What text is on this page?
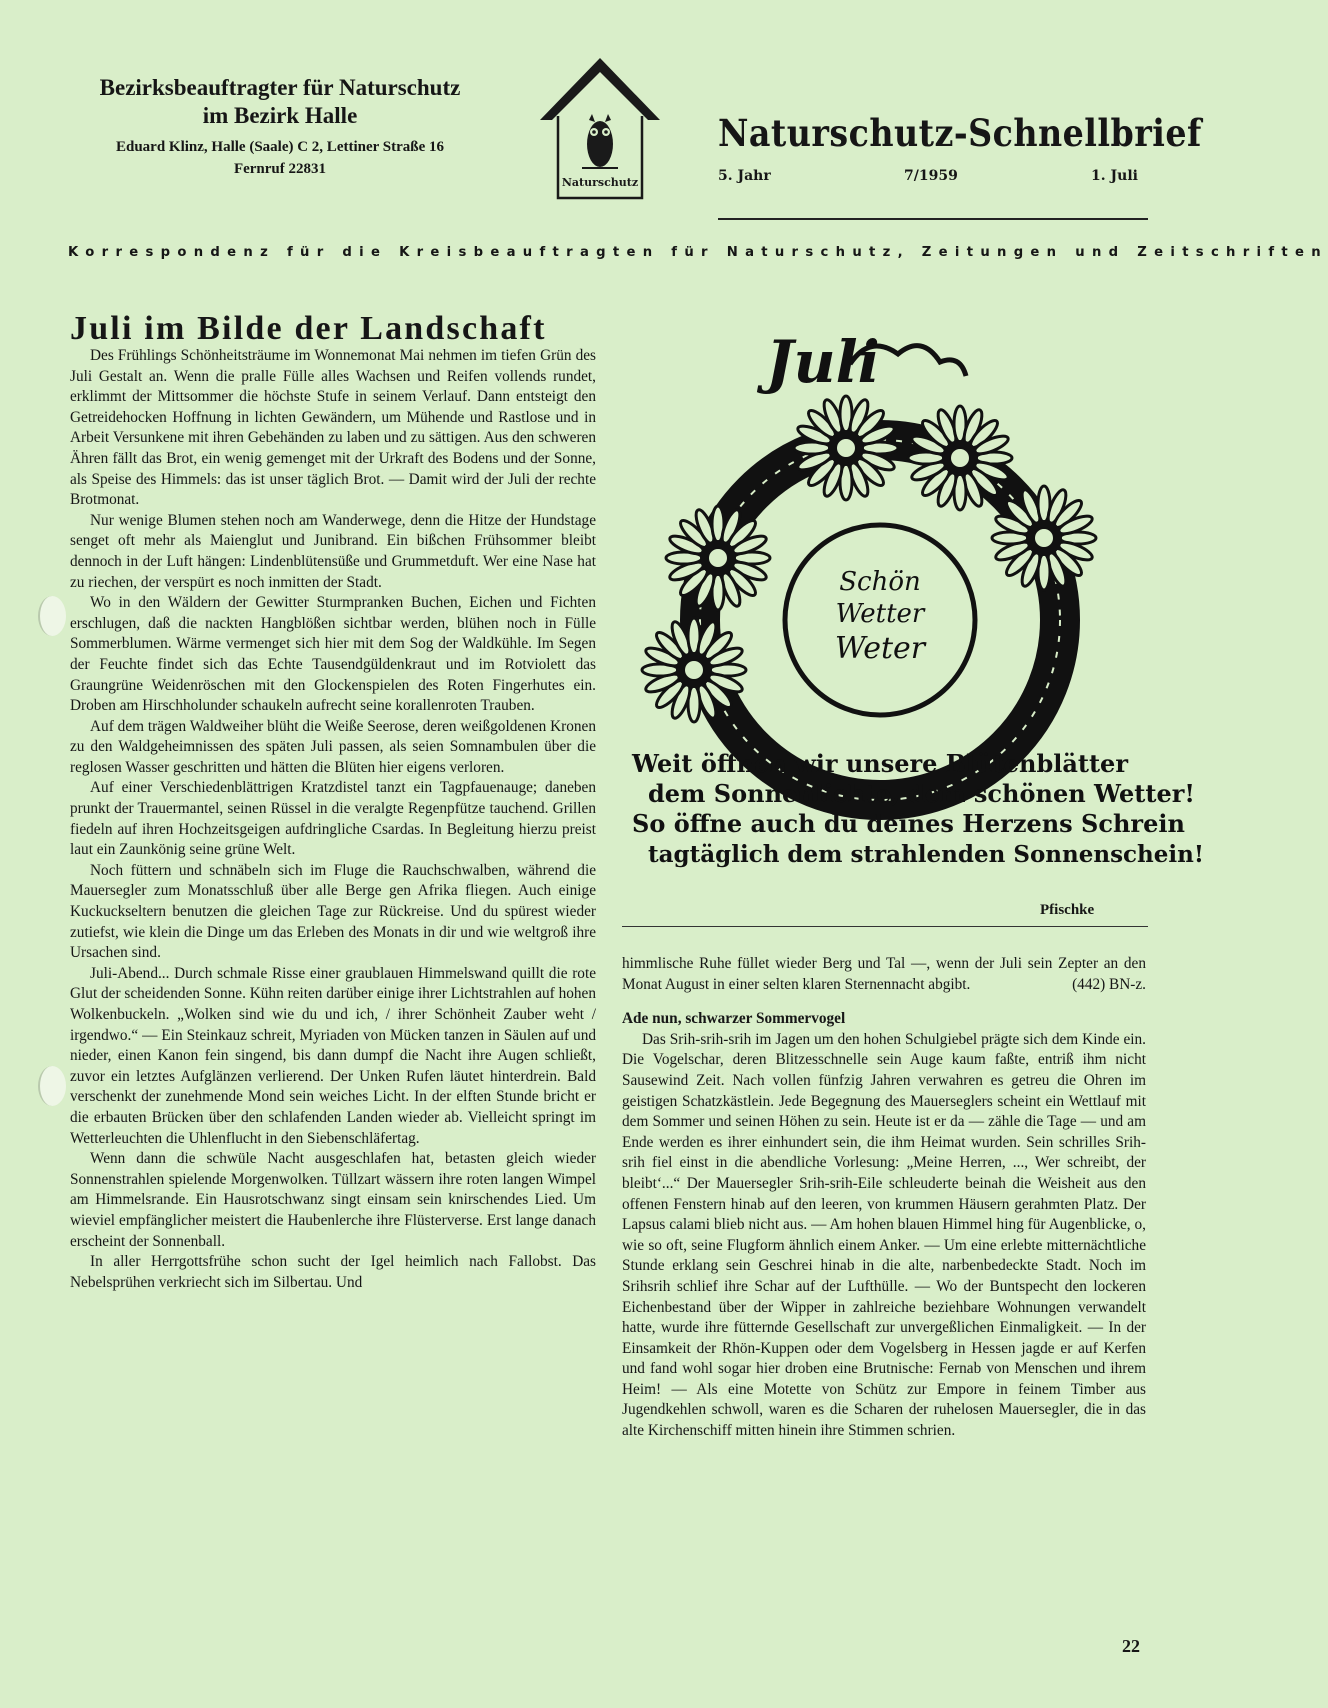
Bezirksbeauftragter für Naturschutz
im Bezirk Halle
Eduard Klinz, Halle (Saale) C 2, Lettiner Straße 16
Fernruf 22831
Naturschutz
Naturschutz-Schnellbrief
5. Jahr	7/1959	1. Juli
Korrespondenz für die Kreisbeauftragten für Naturschutz, Zeitungen und Zeitschriften
Juli im Bilde der Landschaft

Des Frühlings Schönheitsträume im Wonnemonat Mai nehmen im tiefen Grün des Juli Gestalt an. Wenn die pralle Fülle alles Wachsen und Reifen vollends rundet, erklimmt der Mittsommer die höchste Stufe in seinem Verlauf. Dann entsteigt den Getreidehocken Hoffnung in lichten Gewändern, um Mühende und Rastlose und in Arbeit Versunkene mit ihren Gebehänden zu laben und zu sättigen. Aus den schweren Ähren fällt das Brot, ein wenig gemenget mit der Urkraft des Bodens und der Sonne, als Speise des Himmels: das ist unser täglich Brot. — Damit wird der Juli der rechte Brotmonat.

Nur wenige Blumen stehen noch am Wanderwege, denn die Hitze der Hundstage senget oft mehr als Maienglut und Junibrand. Ein bißchen Frühsommer bleibt dennoch in der Luft hängen: Lindenblütensüße und Grummetduft. Wer eine Nase hat zu riechen, der verspürt es noch inmitten der Stadt.

Wo in den Wäldern der Gewitter Sturmpranken Buchen, Eichen und Fichten erschlugen, daß die nackten Hangblößen sichtbar werden, blühen noch in Fülle Sommerblumen. Wärme vermenget sich hier mit dem Sog der Waldkühle. Im Segen der Feuchte findet sich das Echte Tausendgüldenkraut und im Rotviolett das Graungrüne Weidenröschen mit den Glockenspielen des Roten Fingerhutes ein. Droben am Hirschholunder schaukeln aufrecht seine korallenroten Trauben.

Auf dem trägen Waldweiher blüht die Weiße Seerose, deren weißgoldenen Kronen zu den Waldgeheimnissen des späten Juli passen, als seien Somnambulen über die reglosen Wasser geschritten und hätten die Blüten hier eigens verloren.

Auf einer Verschiedenblättrigen Kratzdistel tanzt ein Tagpfauenauge; daneben prunkt der Trauermantel, seinen Rüssel in die veralgte Regenpfütze tauchend. Grillen fiedeln auf ihren Hochzeitsgeigen aufdringliche Csardas. In Begleitung hierzu preist laut ein Zaunkönig seine grüne Welt.

Noch füttern und schnäbeln sich im Fluge die Rauchschwalben, während die Mauersegler zum Monatsschluß über alle Berge gen Afrika fliegen. Auch einige Kuckuckseltern benutzen die gleichen Tage zur Rückreise. Und du spürest wieder zutiefst, wie klein die Dinge um das Erleben des Monats in dir und wie weltgroß ihre Ursachen sind.

Juli-Abend... Durch schmale Risse einer graublauen Himmelswand quillt die rote Glut der scheidenden Sonne. Kühn reiten darüber einige ihrer Lichtstrahlen auf hohen Wolkenbuckeln. „Wolken sind wie du und ich, / ihrer Schönheit Zauber weht / irgendwo.“ — Ein Steinkauz schreit, Myriaden von Mücken tanzen in Säulen auf und nieder, einen Kanon fein singend, bis dann dumpf die Nacht ihre Augen schließt, zuvor ein letztes Aufglänzen verlierend. Der Unken Rufen läutet hinterdrein. Bald verschenkt der zunehmende Mond sein weiches Licht. In der elften Stunde bricht er die erbauten Brücken über den schlafenden Landen wieder ab. Vielleicht springt im Wetterleuchten die Uhlenflucht in den Siebenschläfertag.

Wenn dann die schwüle Nacht ausgeschlafen hat, betasten gleich wieder Sonnenstrahlen spielende Morgenwolken. Tüllzart wässern ihre roten langen Wimpel am Himmelsrande. Ein Hausrotschwanz singt einsam sein knirschendes Lied. Um wieviel empfänglicher meistert die Haubenlerche ihre Flüsterverse. Erst lange danach erscheint der Sonnenball.

In aller Herrgottsfrühe schon sucht der Igel heimlich nach Fallobst. Das Nebelsprühen verkriecht sich im Silbertau. Und

Juli
Schön
Wetter
Weter
Weit öffnen wir unsere Blütenblätter
dem Sonnenlichte, dem schönen Wetter!
So öffne auch du deines Herzens Schrein
tagtäglich dem strahlenden Sonnenschein!
Pfischke

himmlische Ruhe füllet wieder Berg und Tal —, wenn der Juli sein Zepter an den Monat August in einer selten klaren Sternennacht abgibt.	(442) BN-z.

Ade nun, schwarzer Sommervogel

Das Srih-srih-srih im Jagen um den hohen Schulgiebel prägte sich dem Kinde ein. Die Vogelschar, deren Blitzesschnelle sein Auge kaum faßte, entriß ihm nicht Sausewind Zeit. Nach vollen fünfzig Jahren verwahren es getreu die Ohren im geistigen Schatzkästlein. Jede Begegnung des Mauerseglers scheint ein Wettlauf mit dem Sommer und seinen Höhen zu sein. Heute ist er da — zähle die Tage — und am Ende werden es ihrer einhundert sein, die ihm Heimat wurden. Sein schrilles Srih-srih fiel einst in die abendliche Vorlesung: „Meine Herren, ..., Wer schreibt, der bleibt‘...“ Der Mauersegler Srih-srih-Eile schleuderte beinah die Weisheit aus den offenen Fenstern hinab auf den leeren, von krummen Häusern gerahmten Platz. Der Lapsus calami blieb nicht aus. — Am hohen blauen Himmel hing für Augenblicke, o, wie so oft, seine Flugform ähnlich einem Anker. — Um eine erlebte mitternächtliche Stunde erklang sein Geschrei hinab in die alte, narbenbedeckte Stadt. Noch im Srihsrih schlief ihre Schar auf der Lufthülle. — Wo der Buntspecht den lockeren Eichenbestand über der Wipper in zahlreiche beziehbare Wohnungen verwandelt hatte, wurde ihre fütternde Gesellschaft zur unvergeßlichen Einmaligkeit. — In der Einsamkeit der Rhön-Kuppen oder dem Vogelsberg in Hessen jagde er auf Kerfen und fand wohl sogar hier droben eine Brutnische: Fernab von Menschen und ihrem Heim! — Als eine Motette von Schütz zur Empore in feinem Timber aus Jugendkehlen schwoll, waren es die Scharen der ruhelosen Mauersegler, die in das alte Kirchenschiff mitten hinein ihre Stimmen schrien.

22
